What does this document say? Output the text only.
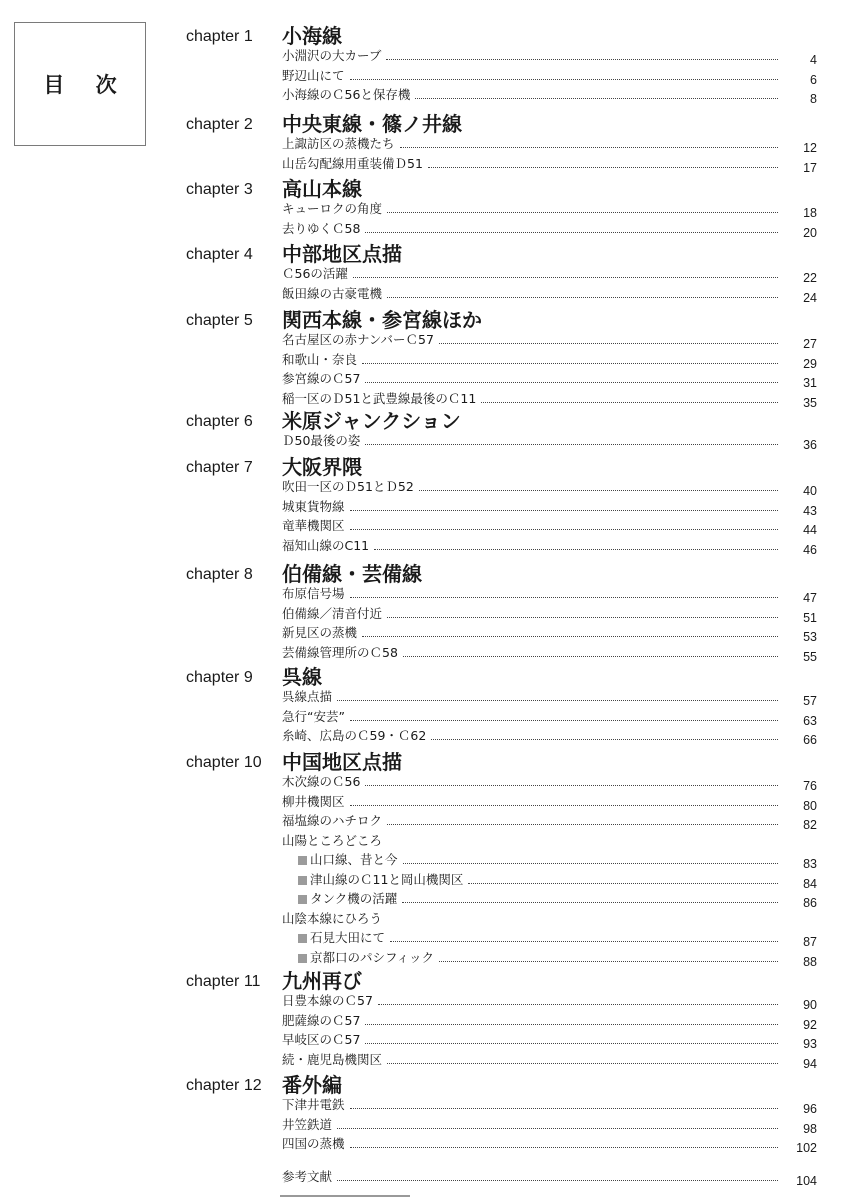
目 次
chapter 1	小海線
小淵沢の大カーブ	4
野辺山にて	6
小海線のＣ56と保存機	8
chapter 2	中央東線・篠ノ井線
上諏訪区の蒸機たち	12
山岳勾配線用重装備Ｄ51	17
chapter 3	高山本線
キューロクの角度	18
去りゆくＣ58	20
chapter 4	中部地区点描
Ｃ56の活躍	22
飯田線の古豪電機	24
chapter 5	関西本線・参宮線ほか
名古屋区の赤ナンバーＣ57	27
和歌山・奈良	29
参宮線のＣ57	31
稲一区のＤ51と武豊線最後のＣ11	35
chapter 6	米原ジャンクション
Ｄ50最後の姿	36
chapter 7	大阪界隈
吹田一区のＤ51とＤ52	40
城東貨物線	43
竜華機関区	44
福知山線のC11	46
chapter 8	伯備線・芸備線
布原信号場	47
伯備線／清音付近	51
新見区の蒸機	53
芸備線管理所のＣ58	55
chapter 9	呉線
呉線点描	57
急行“安芸”	63
糸崎、広島のＣ59・Ｃ62	66
chapter 10	中国地区点描
木次線のＣ56	76
柳井機関区	80
福塩線のハチロク	82
山陽ところどころ
山口線、昔と今	83
津山線のＣ11と岡山機関区	84
タンク機の活躍	86
山陰本線にひろう
石見大田にて	87
京都口のパシフィック	88
chapter 11	九州再び
日豊本線のＣ57	90
肥薩線のＣ57	92
早岐区のＣ57	93
続・鹿児島機関区	94
chapter 12	番外編
下津井電鉄	96
井笠鉄道	98
四国の蒸機	102
参考文献	104
